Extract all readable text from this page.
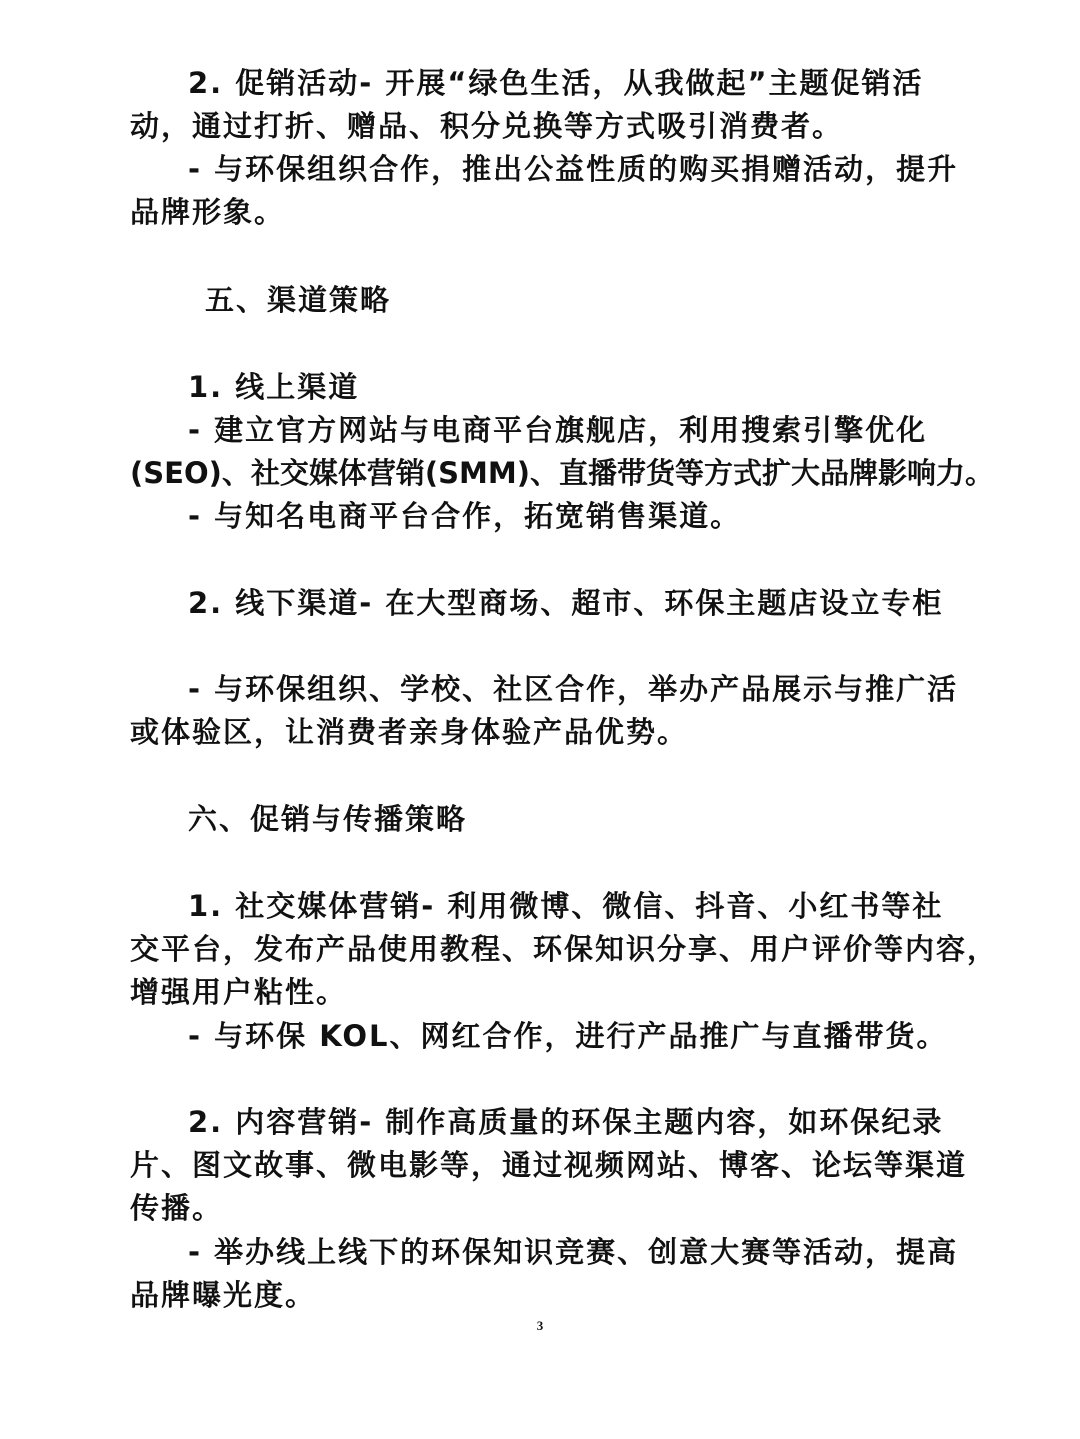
2. 促销活动- 开展“绿色生活，从我做起”主题促销活
动，通过打折、赠品、积分兑换等方式吸引消费者。
- 与环保组织合作，推出公益性质的购买捐赠活动，提升
品牌形象。
五、渠道策略
1. 线上渠道
- 建立官方网站与电商平台旗舰店，利用搜索引擎优化
(SEO)、社交媒体营销(SMM)、直播带货等方式扩大品牌影响力。
- 与知名电商平台合作，拓宽销售渠道。
2. 线下渠道- 在大型商场、超市、环保主题店设立专柜
- 与环保组织、学校、社区合作，举办产品展示与推广活
或体验区，让消费者亲身体验产品优势。
六、促销与传播策略
1. 社交媒体营销- 利用微博、微信、抖音、小红书等社
交平台，发布产品使用教程、环保知识分享、用户评价等内容，
增强用户粘性。
- 与环保 KOL、网红合作，进行产品推广与直播带货。
2. 内容营销- 制作高质量的环保主题内容，如环保纪录
片、图文故事、微电影等，通过视频网站、博客、论坛等渠道
传播。
- 举办线上线下的环保知识竞赛、创意大赛等活动，提高
品牌曝光度。
3
